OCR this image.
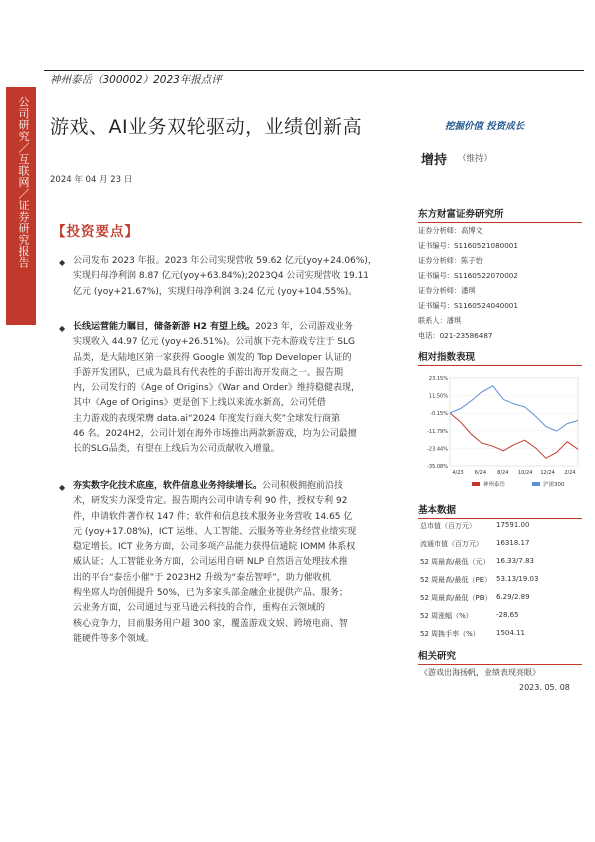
公司研究／互联网／证券研究报告
神州泰岳（300002）2023年报点评
游戏、AI业务双轮驱动，业绩创新高	挖掘价值 投资成长
增持 （维持）
2024 年 04 月 23 日
【投资要点】
◆ 公司发布 2023 年报。2023 年公司实现营收 59.62 亿元(yoy+24.06%)，
实现归母净利润 8.87 亿元(yoy+63.84%);2023Q4 公司实现营收 19.11
亿元 (yoy+21.67%)，实现归母净利润 3.24 亿元 (yoy+104.55%)。
◆ 长线运营能力瞩目，储备新游 H2 有望上线。2023 年，公司游戏业务
实现收入 44.97 亿元 (yoy+26.51%)。公司旗下壳木游戏专注于 SLG
品类，是大陆地区第一家获得 Google 颁发的 Top Developer 认证的
手游开发团队，已成为最具有代表性的手游出海开发商之一。报告期
内，公司发行的《Age of Origins》《War and Order》维持稳健表现，
其中《Age of Origins》更是创下上线以来流水新高，公司凭借
主力游戏的表现荣膺 data.ai“2024 年度发行商大奖”全球发行商第
46 名。2024H2，公司计划在海外市场推出两款新游戏，均为公司最擅
长的SLG品类，有望在上线后为公司贡献收入增量。
◆ 夯实数字化技术底座，软件信息业务持续增长。公司积极拥抱前沿技
术，研发实力深受肯定。报告期内公司申请专利 90 件，授权专利 92
件，申请软件著作权 147 件；软件和信息技术服务业务营收 14.65 亿
元 (yoy+17.08%)，ICT 运维、人工智能、云服务等业务经营业绩实现
稳定增长。ICT 业务方面，公司多项产品能力获得信通院 IOMM 体系权
威认证；人工智能业务方面，公司运用自研 NLP 自然语言处理技术推
出的平台“泰岳小催”于 2023H2 升级为“泰岳智呼”，助力催收机
构坐席人均创佣提升 50%，已为多家头部金融企业提供产品、服务；
云业务方面，公司通过与亚马逊云科技的合作，重构在云领域的
核心竞争力，目前服务用户超 300 家，覆盖游戏文娱、跨境电商、智
能硬件等多个领域。
东方财富证券研究所
证券分析师：高博文
证书编号：S1160521080001
证券分析师：陈子怡
证书编号：S1160522070002
证券分析师：潘琪
证书编号：S1160524040001
联系人：潘琪
电话：021-23586487
相对指数表现
23.15%
11.50%
-0.15%
-11.79%
-23.44%
-35.08%
4/23 6/24 8/24 10/24 12/24 2/24
神州泰岳	沪深300
基本数据
总市值（百万元）	17591.00
流通市值（百万元） 16318.17
52 周最高/最低（元） 16.33/7.83
52 周最高/最低（PE） 53.13/19.03
52 周最高/最低（PB） 6.29/2.89
52 周涨幅（%）	-28.65
52 周换手率（%） 1504.11
相关研究
《游戏出海扬帆，业绩表现亮眼》
2023. 05. 08
